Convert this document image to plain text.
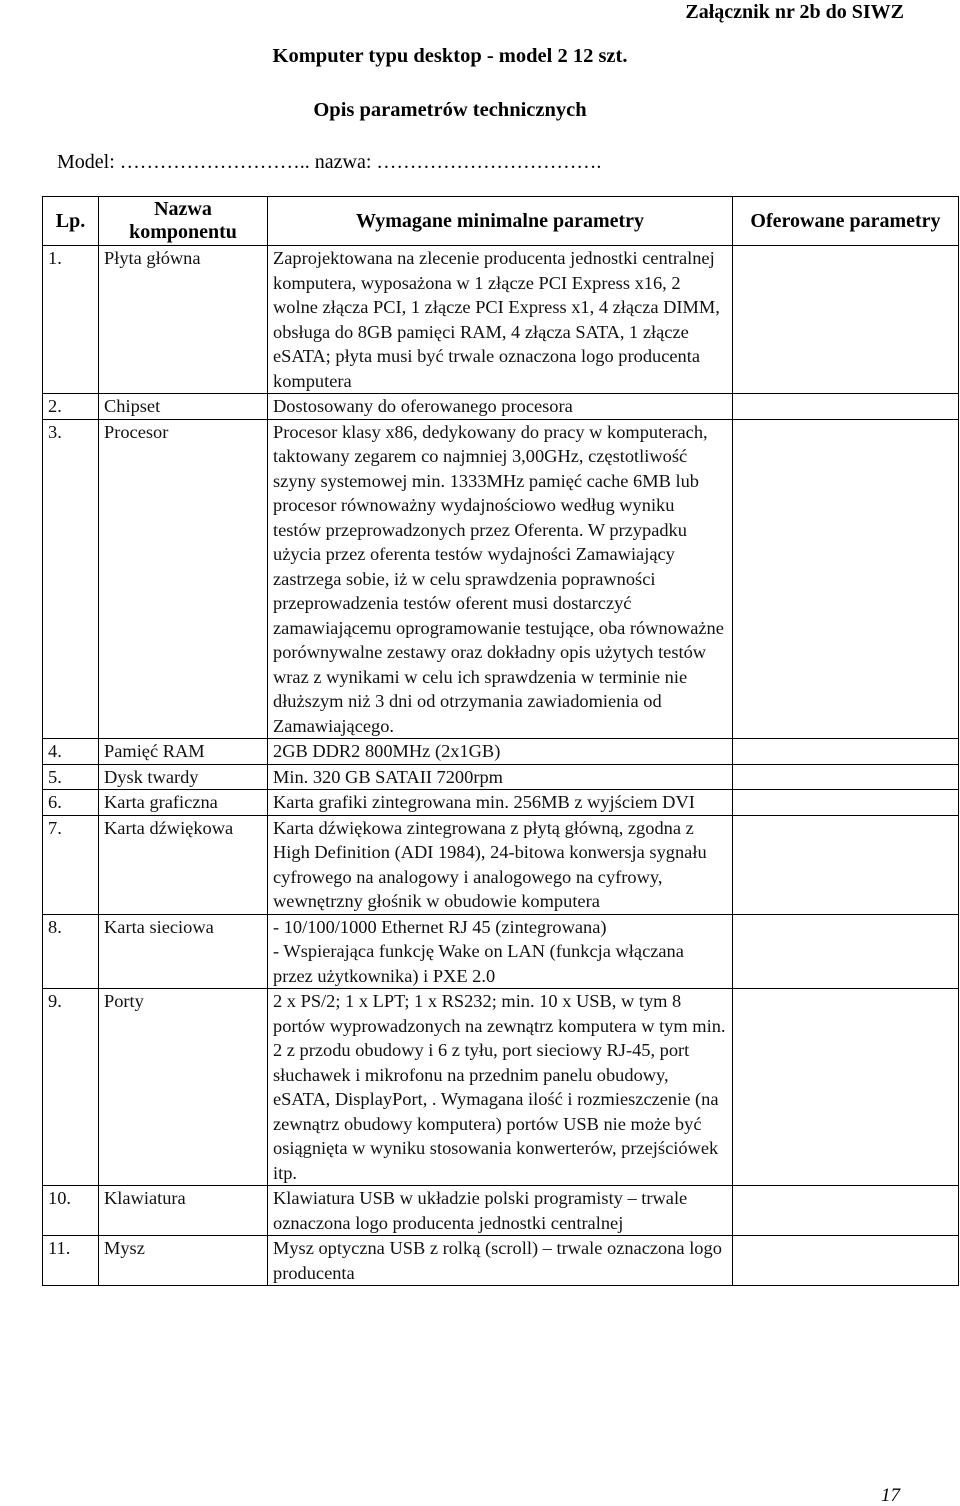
Załącznik nr 2b do SIWZ
Komputer typu desktop - model 2 12 szt.
Opis parametrów technicznych
Model: ……………………….. nazwa: …………………………….
Lp.	Nazwa komponentu	Wymagane minimalne parametry	Oferowane parametry
1.	Płyta główna	Zaprojektowana na zlecenie producenta jednostki centralnej komputera, wyposażona w 1 złącze PCI Express x16, 2 wolne złącza PCI, 1 złącze PCI Express x1, 4 złącza DIMM, obsługa do 8GB pamięci RAM, 4 złącza SATA, 1 złącze eSATA; płyta musi być trwale oznaczona logo producenta komputera	
2.	Chipset	Dostosowany do oferowanego procesora	
3.	Procesor	Procesor klasy x86, dedykowany do pracy w komputerach, taktowany zegarem co najmniej 3,00GHz, częstotliwość szyny systemowej min. 1333MHz pamięć cache 6MB lub procesor równoważny wydajnościowo według wyniku testów przeprowadzonych przez Oferenta. W przypadku użycia przez oferenta testów wydajności Zamawiający zastrzega sobie, iż w celu sprawdzenia poprawności przeprowadzenia testów oferent musi dostarczyć zamawiającemu oprogramowanie testujące, oba równoważne porównywalne zestawy oraz dokładny opis użytych testów wraz z wynikami w celu ich sprawdzenia w terminie nie dłuższym niż 3 dni od otrzymania zawiadomienia od Zamawiającego.	
4.	Pamięć RAM	2GB DDR2 800MHz (2x1GB)	
5.	Dysk twardy	Min. 320 GB SATAII 7200rpm	
6.	Karta graficzna	Karta grafiki zintegrowana min. 256MB z wyjściem DVI	
7.	Karta dźwiękowa	Karta dźwiękowa zintegrowana z płytą główną, zgodna z High Definition (ADI 1984), 24-bitowa konwersja sygnału cyfrowego na analogowy i analogowego na cyfrowy, wewnętrzny głośnik w obudowie komputera	
8.	Karta sieciowa	- 10/100/1000 Ethernet RJ 45 (zintegrowana)
- Wspierająca funkcję Wake on LAN (funkcja włączana przez użytkownika) i PXE 2.0	

9.	Porty	2 x PS/2; 1 x LPT; 1 x RS232; min. 10 x USB, w tym 8 portów wyprowadzonych na zewnątrz komputera w tym min. 2 z przodu obudowy i 6 z tyłu, port sieciowy RJ-45, port słuchawek i mikrofonu na przednim panelu obudowy, eSATA, DisplayPort, . Wymagana ilość i rozmieszczenie (na zewnątrz obudowy komputera) portów USB nie może być osiągnięta w wyniku stosowania konwerterów, przejściówek itp.	
10.	Klawiatura	Klawiatura USB w układzie polski programisty – trwale oznaczona logo producenta jednostki centralnej	
11.	Mysz	Mysz optyczna USB z rolką (scroll) – trwale oznaczona logo producenta	
17
